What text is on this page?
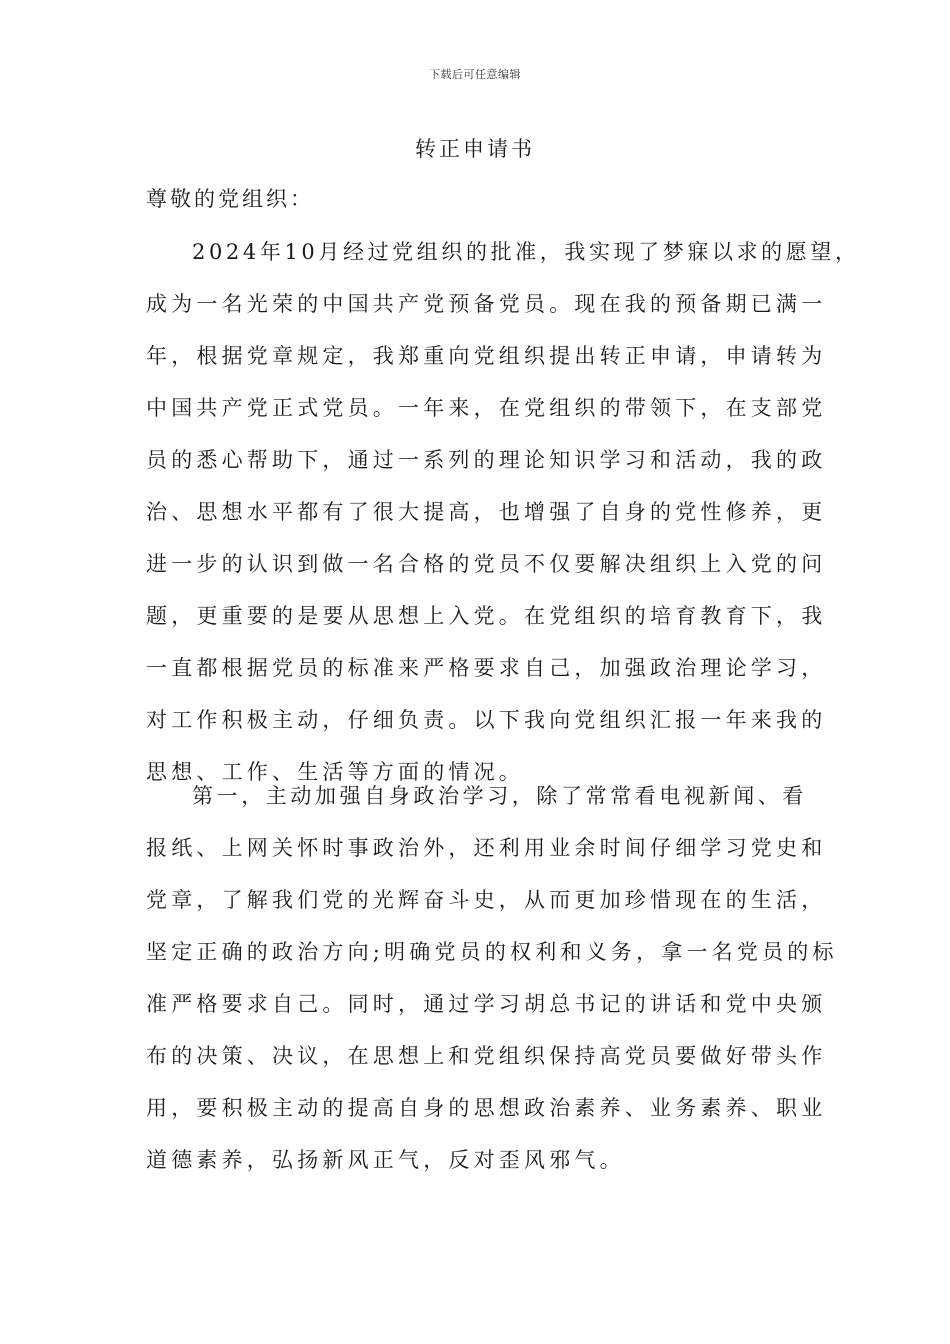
下载后可任意编辑
转正申请书
尊敬的党组织：
2024年10月经过党组织的批准，我实现了梦寐以求的愿望，
成为一名光荣的中国共产党预备党员。现在我的预备期已满一
年，根据党章规定，我郑重向党组织提出转正申请，申请转为
中国共产党正式党员。一年来，在党组织的带领下，在支部党
员的悉心帮助下，通过一系列的理论知识学习和活动，我的政
治、思想水平都有了很大提高，也增强了自身的党性修养，更
进一步的认识到做一名合格的党员不仅要解决组织上入党的问
题，更重要的是要从思想上入党。在党组织的培育教育下，我
一直都根据党员的标准来严格要求自己，加强政治理论学习，
对工作积极主动，仔细负责。以下我向党组织汇报一年来我的
思想、工作、生活等方面的情况。
第一，主动加强自身政治学习，除了常常看电视新闻、看
报纸、上网关怀时事政治外，还利用业余时间仔细学习党史和
党章，了解我们党的光辉奋斗史，从而更加珍惜现在的生活，
坚定正确的政治方向;明确党员的权利和义务，拿一名党员的标
准严格要求自己。同时，通过学习胡总书记的讲话和党中央颁
布的决策、决议，在思想上和党组织保持高党员要做好带头作
用，要积极主动的提高自身的思想政治素养、业务素养、职业
道德素养，弘扬新风正气，反对歪风邪气。
